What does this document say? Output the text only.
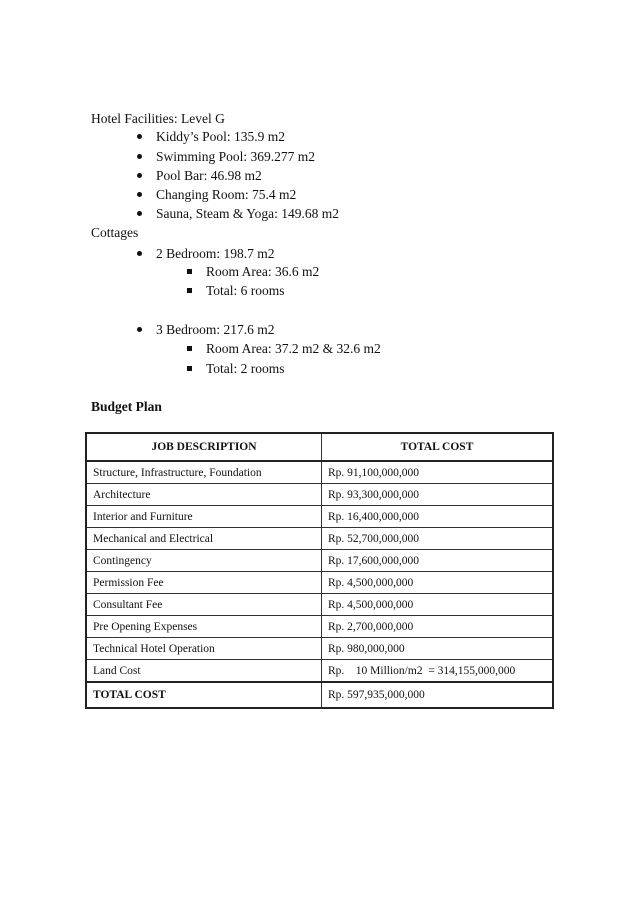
Hotel Facilities: Level G
Kiddy’s Pool: 135.9 m2
Swimming Pool: 369.277 m2
Pool Bar: 46.98 m2
Changing Room: 75.4 m2
Sauna, Steam & Yoga: 149.68 m2
Cottages
2 Bedroom: 198.7 m2
Room Area: 36.6 m2
Total: 6 rooms
3 Bedroom: 217.6 m2
Room Area: 37.2 m2 & 32.6 m2
Total: 2 rooms
Budget Plan
JOB DESCRIPTION	TOTAL COST
Structure, Infrastructure, Foundation	Rp. 91,100,000,000
Architecture	Rp. 93,300,000,000
Interior and Furniture	Rp. 16,400,000,000
Mechanical and Electrical	Rp. 52,700,000,000
Contingency	Rp. 17,600,000,000
Permission Fee	Rp. 4,500,000,000
Consultant Fee	Rp. 4,500,000,000
Pre Opening Expenses	Rp. 2,700,000,000
Technical Hotel Operation	Rp. 980,000,000
Land Cost	Rp.    10 Million/m2  = 314,155,000,000
TOTAL COST	Rp. 597,935,000,000
